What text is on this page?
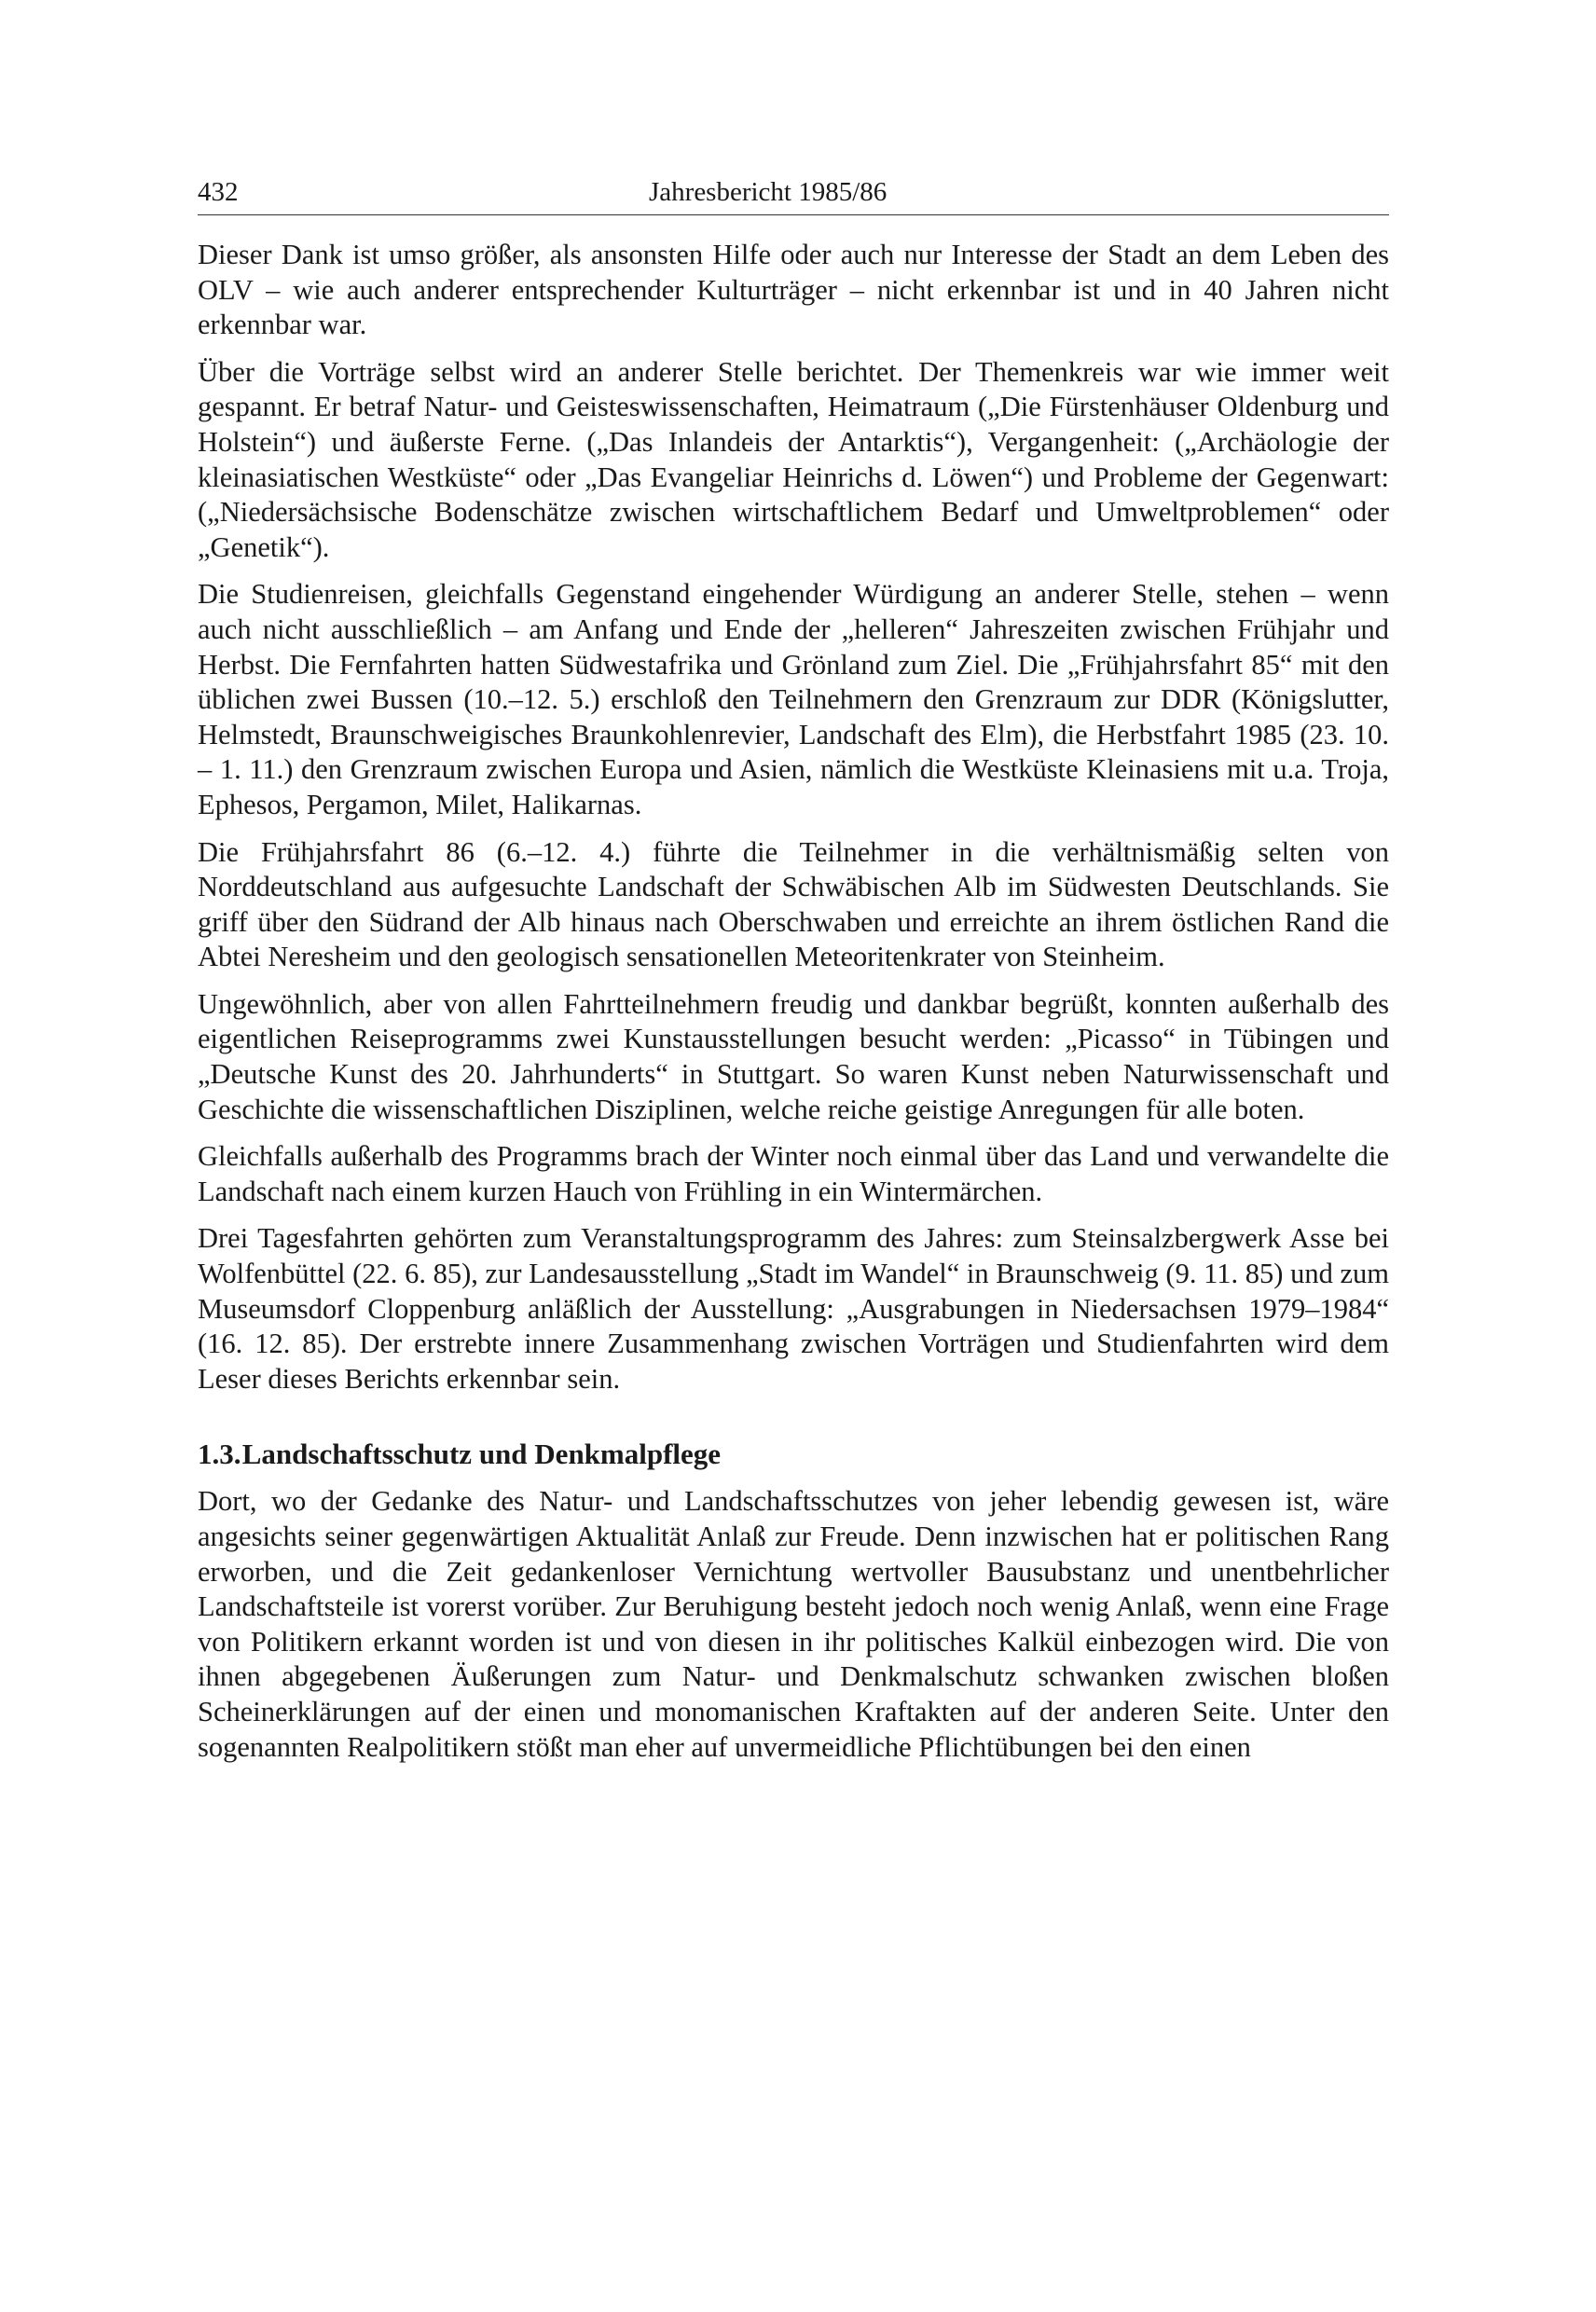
432	Jahresbericht 1985/86

Dieser Dank ist umso größer, als ansonsten Hilfe oder auch nur Interesse der Stadt an dem Leben des OLV – wie auch anderer entsprechender Kulturträger – nicht erkennbar ist und in 40 Jahren nicht erkennbar war.

Über die Vorträge selbst wird an anderer Stelle berichtet. Der Themenkreis war wie immer weit gespannt. Er betraf Natur- und Geisteswissenschaften, Heimatraum („Die Fürstenhäuser Oldenburg und Holstein“) und äußerste Ferne. („Das Inlandeis der Antarktis“), Vergangenheit: („Archäologie der kleinasiatischen Westküste“ oder „Das Evangeliar Heinrichs d. Löwen“) und Probleme der Gegenwart: („Niedersächsische Bodenschätze zwischen wirtschaftlichem Bedarf und Umweltproblemen“ oder „Genetik“).

Die Studienreisen, gleichfalls Gegenstand eingehender Würdigung an anderer Stelle, stehen – wenn auch nicht ausschließlich – am Anfang und Ende der „helleren“ Jahreszeiten zwischen Frühjahr und Herbst. Die Fernfahrten hatten Südwestafrika und Grönland zum Ziel. Die „Frühjahrsfahrt 85“ mit den üblichen zwei Bussen (10.–12. 5.) erschloß den Teilnehmern den Grenzraum zur DDR (Königslutter, Helmstedt, Braunschweigisches Braunkohlenrevier, Landschaft des Elm), die Herbstfahrt 1985 (23. 10. – 1. 11.) den Grenzraum zwischen Europa und Asien, nämlich die Westküste Kleinasiens mit u.a. Troja, Ephesos, Pergamon, Milet, Halikarnas.

Die Frühjahrsfahrt 86 (6.–12. 4.) führte die Teilnehmer in die verhältnismäßig selten von Norddeutschland aus aufgesuchte Landschaft der Schwäbischen Alb im Südwesten Deutschlands. Sie griff über den Südrand der Alb hinaus nach Oberschwaben und erreichte an ihrem östlichen Rand die Abtei Neresheim und den geologisch sensationellen Meteoritenkrater von Steinheim.

Ungewöhnlich, aber von allen Fahrtteilnehmern freudig und dankbar begrüßt, konnten außerhalb des eigentlichen Reiseprogramms zwei Kunstausstellungen besucht werden: „Picasso“ in Tübingen und „Deutsche Kunst des 20. Jahrhunderts“ in Stuttgart. So waren Kunst neben Naturwissenschaft und Geschichte die wissenschaftlichen Disziplinen, welche reiche geistige Anregungen für alle boten.

Gleichfalls außerhalb des Programms brach der Winter noch einmal über das Land und verwandelte die Landschaft nach einem kurzen Hauch von Frühling in ein Wintermärchen.

Drei Tagesfahrten gehörten zum Veranstaltungsprogramm des Jahres: zum Steinsalzbergwerk Asse bei Wolfenbüttel (22. 6. 85), zur Landesausstellung „Stadt im Wandel“ in Braunschweig (9. 11. 85) und zum Museumsdorf Cloppenburg anläßlich der Ausstellung: „Ausgrabungen in Niedersachsen 1979–1984“ (16. 12. 85). Der erstrebte innere Zusammenhang zwischen Vorträgen und Studienfahrten wird dem Leser dieses Berichts erkennbar sein.

1.3. Landschaftsschutz und Denkmalpflege

Dort, wo der Gedanke des Natur- und Landschaftsschutzes von jeher lebendig gewesen ist, wäre angesichts seiner gegenwärtigen Aktualität Anlaß zur Freude. Denn inzwischen hat er politischen Rang erworben, und die Zeit gedankenloser Vernichtung wertvoller Bausubstanz und unentbehrlicher Landschaftsteile ist vorerst vorüber. Zur Beruhigung besteht jedoch noch wenig Anlaß, wenn eine Frage von Politikern erkannt worden ist und von diesen in ihr politisches Kalkül einbezogen wird. Die von ihnen abgegebenen Äußerungen zum Natur- und Denkmalschutz schwanken zwischen bloßen Scheinerklärungen auf der einen und monomanischen Kraftakten auf der anderen Seite. Unter den sogenannten Realpolitikern stößt man eher auf unvermeidliche Pflichtübungen bei den einen
